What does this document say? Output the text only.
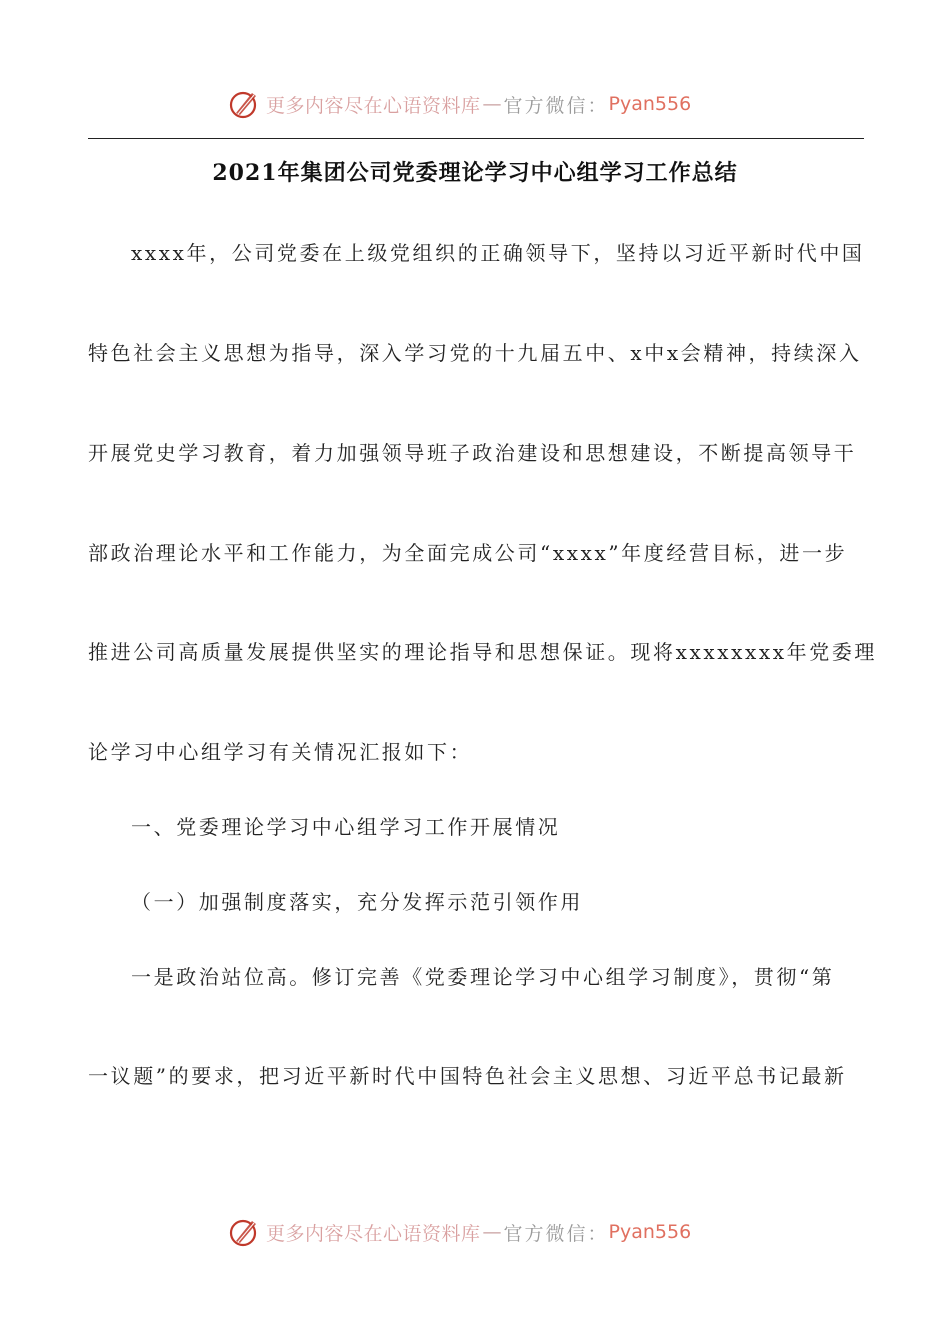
更多内容尽在心语资料库 — 官方微信： Pyan556
2021年集团公司党委理论学习中心组学习工作总结
xxxx年，公司党委在上级党组织的正确领导下，坚持以习近平新时代中国
特色社会主义思想为指导，深入学习党的十九届五中、x中x会精神，持续深入
开展党史学习教育，着力加强领导班子政治建设和思想建设，不断提高领导干
部政治理论水平和工作能力，为全面完成公司“xxxx”年度经营目标，进一步
推进公司高质量发展提供坚实的理论指导和思想保证。现将xxxxxxxx年党委理
论学习中心组学习有关情况汇报如下：
一、党委理论学习中心组学习工作开展情况
（一）加强制度落实，充分发挥示范引领作用
一是政治站位高。修订完善《党委理论学习中心组学习制度》，贯彻“第
一议题”的要求，把习近平新时代中国特色社会主义思想、习近平总书记最新
更多内容尽在心语资料库 — 官方微信： Pyan556
